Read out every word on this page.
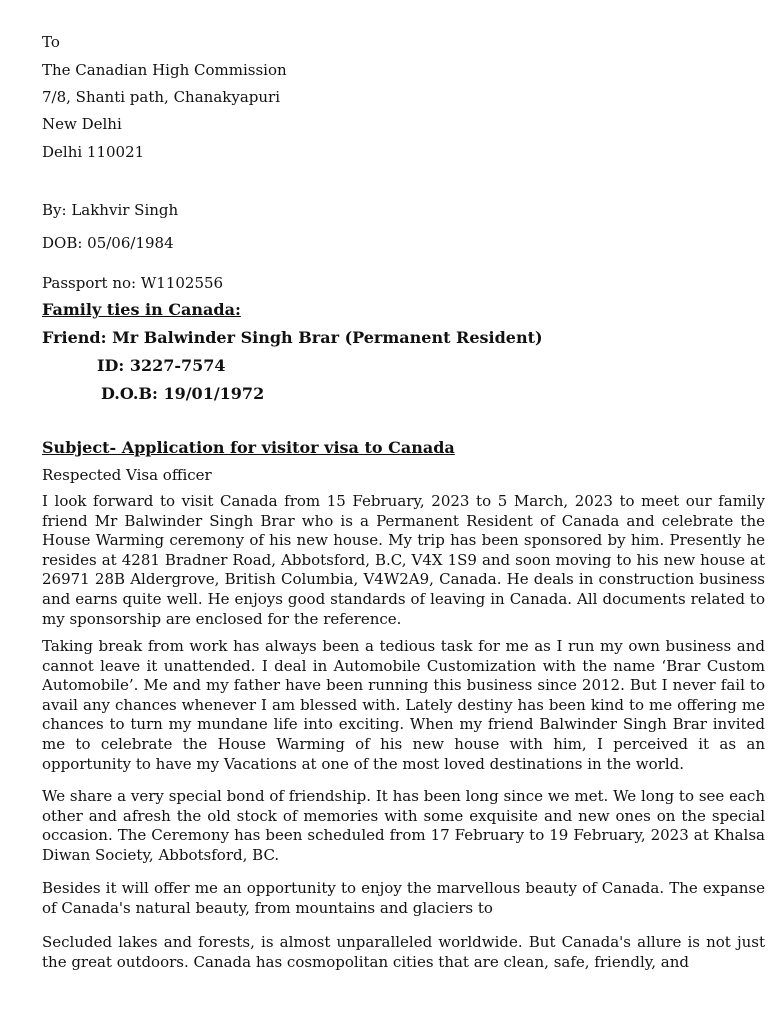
To
The Canadian High Commission
7/8, Shanti path, Chanakyapuri
New Delhi
Delhi 110021
By: Lakhvir Singh
DOB: 05/06/1984
Passport no: W1102556
Family ties in Canada:
Friend: Mr Balwinder Singh Brar (Permanent Resident)
ID: 3227-7574
D.O.B: 19/01/1972
Subject- Application for visitor visa to Canada
Respected Visa officer

I look forward to visit Canada from 15 February, 2023 to 5 March, 2023 to meet our family friend Mr Balwinder Singh Brar who is a Permanent Resident of Canada and celebrate the House Warming ceremony of his new house. My trip has been sponsored by him. Presently he resides at 4281 Bradner Road, Abbotsford, B.C, V4X 1S9 and soon moving to his new house at 26971 28B Aldergrove, British Columbia, V4W2A9, Canada. He deals in construction business and earns quite well. He enjoys good standards of leaving in Canada. All documents related to my sponsorship are enclosed for the reference.

Taking break from work has always been a tedious task for me as I run my own business and cannot leave it unattended. I deal in Automobile Customization with the name ‘Brar Custom Automobile’. Me and my father have been running this business since 2012. But I never fail to avail any chances whenever I am blessed with. Lately destiny has been kind to me offering me chances to turn my mundane life into exciting. When my friend Balwinder Singh Brar invited me to celebrate the House Warming of his new house with him, I perceived it as an opportunity to have my Vacations at one of the most loved destinations in the world.

We share a very special bond of friendship. It has been long since we met. We long to see each other and afresh the old stock of memories with some exquisite and new ones on the special occasion. The Ceremony has been scheduled from 17 February to 19 February, 2023 at Khalsa Diwan Society, Abbotsford, BC.

Besides it will offer me an opportunity to enjoy the marvellous beauty of Canada. The expanse of Canada's natural beauty, from mountains and glaciers to

Secluded lakes and forests, is almost unparalleled worldwide. But Canada's allure is not just the great outdoors. Canada has cosmopolitan cities that are clean, safe, friendly, and
